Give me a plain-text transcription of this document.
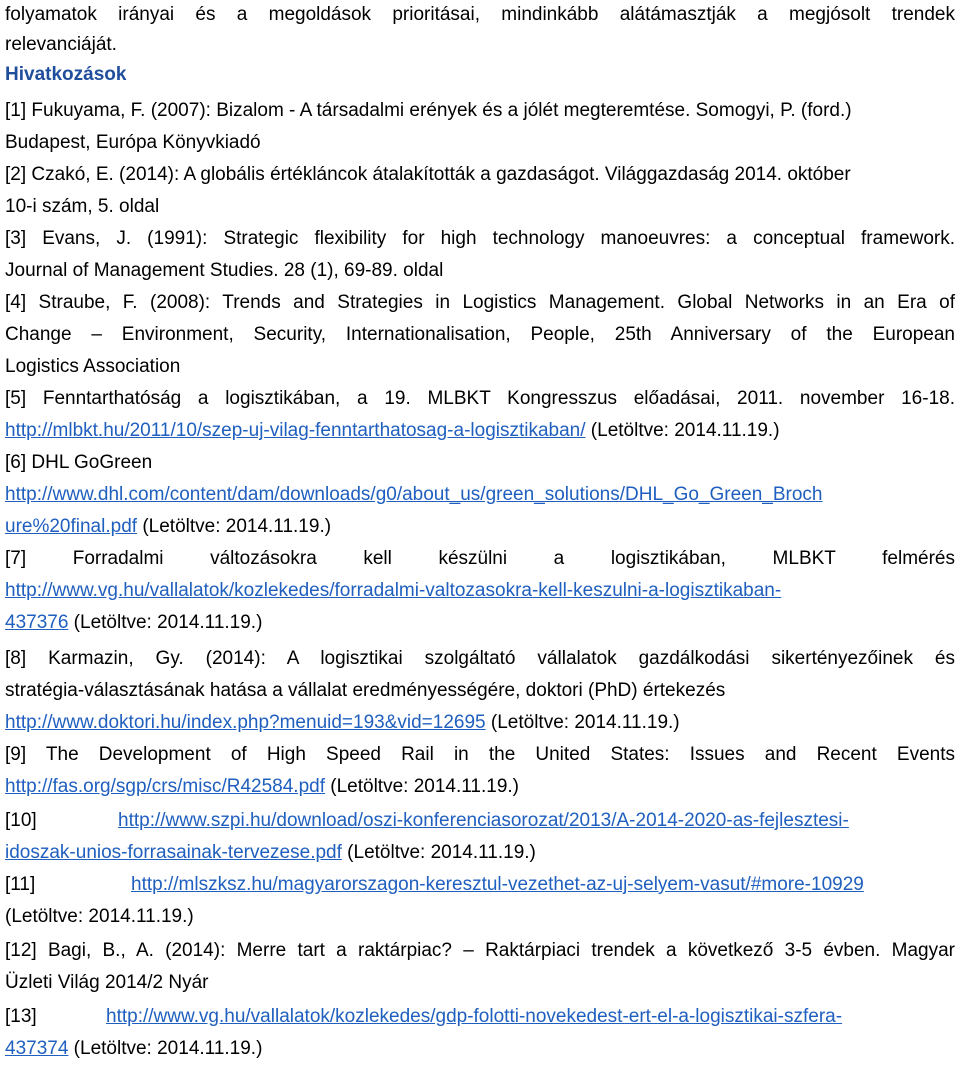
folyamatok irányai és a megoldások prioritásai, mindinkább alátámasztják a megjósolt trendek
relevanciáját.
Hivatkozások
[1] Fukuyama, F. (2007): Bizalom - A társadalmi erények és a jólét megteremtése. Somogyi, P. (ford.)
Budapest, Európa Könyvkiadó
[2] Czakó, E. (2014): A globális értékláncok átalakították a gazdaságot. Világgazdaság 2014. október
10-i szám, 5. oldal
[3] Evans, J. (1991): Strategic flexibility for high technology manoeuvres: a conceptual framework.
Journal of Management Studies. 28 (1), 69-89. oldal
[4] Straube, F. (2008): Trends and Strategies in Logistics Management. Global Networks in an Era of
Change – Environment, Security, Internationalisation, People, 25th Anniversary of the European
Logistics Association
[5] Fenntarthatóság a logisztikában, a 19. MLBKT Kongresszus előadásai, 2011. november 16-18.
http://mlbkt.hu/2011/10/szep-uj-vilag-fenntarthatosag-a-logisztikaban/ (Letöltve: 2014.11.19.)
[6] DHL GoGreen
http://www.dhl.com/content/dam/downloads/g0/about_us/green_solutions/DHL_Go_Green_Broch
ure%20final.pdf (Letöltve: 2014.11.19.)
[7] Forradalmi változásokra kell készülni a logisztikában, MLBKT felmérés
http://www.vg.hu/vallalatok/kozlekedes/forradalmi-valtozasokra-kell-keszulni-a-logisztikaban-
437376 (Letöltve: 2014.11.19.)
[8] Karmazin, Gy. (2014): A logisztikai szolgáltató vállalatok gazdálkodási sikertényezőinek és
stratégia-választásának hatása a vállalat eredményességére, doktori (PhD) értekezés
http://www.doktori.hu/index.php?menuid=193&vid=12695 (Letöltve: 2014.11.19.)
[9] The Development of High Speed Rail in the United States: Issues and Recent Events
http://fas.org/sgp/crs/misc/R42584.pdf (Letöltve: 2014.11.19.)
[10]	http://www.szpi.hu/download/oszi-konferenciasorozat/2013/A-2014-2020-as-fejlesztesi-
idoszak-unios-forrasainak-tervezese.pdf (Letöltve: 2014.11.19.)
[11]	http://mlszksz.hu/magyarorszagon-keresztul-vezethet-az-uj-selyem-vasut/#more-10929
(Letöltve: 2014.11.19.)
[12] Bagi, B., A. (2014): Merre tart a raktárpiac? – Raktárpiaci trendek a következő 3-5 évben. Magyar
Üzleti Világ 2014/2 Nyár
[13]	http://www.vg.hu/vallalatok/kozlekedes/gdp-folotti-novekedest-ert-el-a-logisztikai-szfera-
437374 (Letöltve: 2014.11.19.)
